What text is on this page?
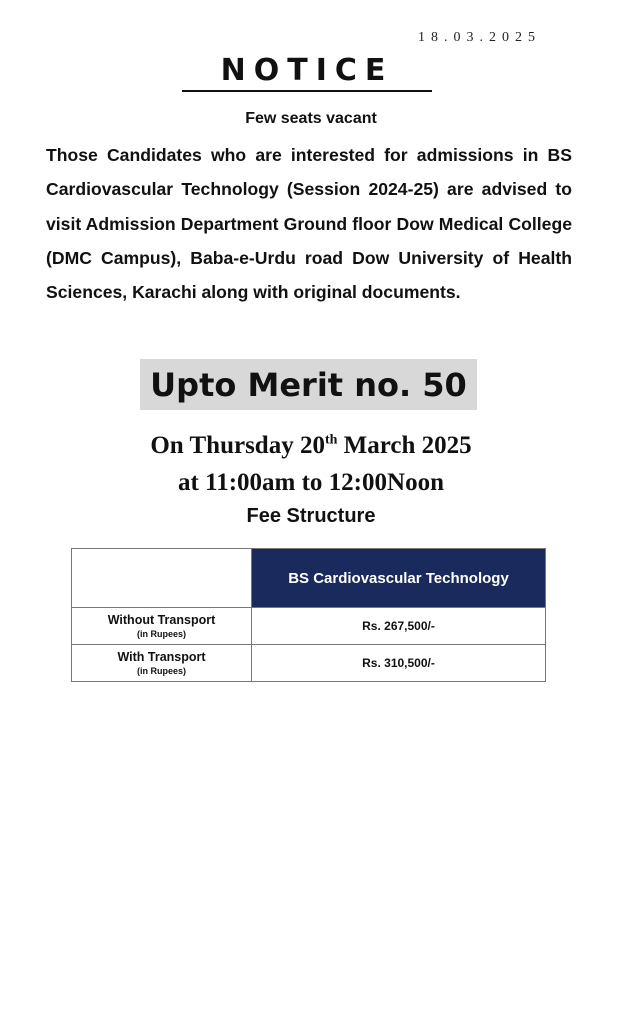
18.03.2025
NOTICE
Few seats vacant
Those Candidates who are interested for admissions in BS Cardiovascular Technology (Session 2024-25) are advised to visit Admission Department Ground floor Dow Medical College (DMC Campus), Baba-e-Urdu road Dow University of Health Sciences, Karachi along with original documents.
Upto Merit no. 50
On Thursday 20th March 2025
at 11:00am to 12:00Noon
Fee Structure
	BS Cardiovascular Technology

Without Transport
(in Rupees)	Rs. 267,500/-

With Transport
(in Rupees)	Rs. 310,500/-
